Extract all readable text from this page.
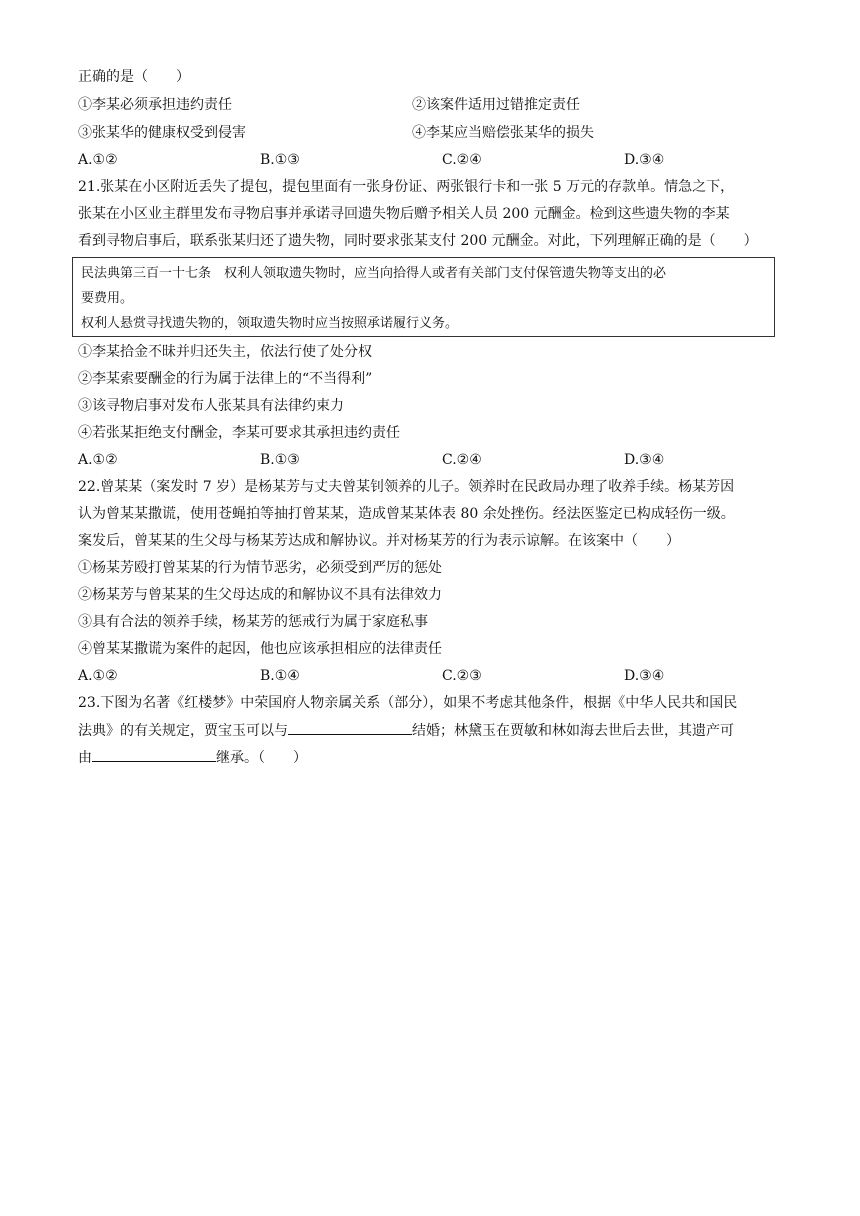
正确的是（　　）
①李某必须承担违约责任	②该案件适用过错推定责任
③张某华的健康权受到侵害	④李某应当赔偿张某华的损失
A.①②	B.①③	C.②④	D.③④
21.张某在小区附近丢失了提包，提包里面有一张身份证、两张银行卡和一张 5 万元的存款单。情急之下，
张某在小区业主群里发布寻物启事并承诺寻回遗失物后赠予相关人员 200 元酬金。检到这些遗失物的李某
看到寻物启事后，联系张某归还了遗失物，同时要求张某支付 200 元酬金。对此，下列理解正确的是（　　）
民法典第三百一十七条　权利人领取遗失物时，应当向拾得人或者有关部门支付保管遗失物等支出的必
要费用。
权利人悬赏寻找遗失物的，领取遗失物时应当按照承诺履行义务。
①李某拾金不昧并归还失主，依法行使了处分权
②李某索要酬金的行为属于法律上的“不当得利”
③该寻物启事对发布人张某具有法律约束力
④若张某拒绝支付酬金，李某可要求其承担违约责任
A.①②	B.①③	C.②④	D.③④
22.曾某某（案发时 7 岁）是杨某芳与丈夫曾某钊领养的儿子。领养时在民政局办理了收养手续。杨某芳因
认为曾某某撒谎，使用苍蝇拍等抽打曾某某，造成曾某某体表 80 余处挫伤。经法医鉴定已构成轻伤一级。
案发后，曾某某的生父母与杨某芳达成和解协议。并对杨某芳的行为表示谅解。在该案中（　　）
①杨某芳殴打曾某某的行为情节恶劣，必须受到严厉的惩处
②杨某芳与曾某某的生父母达成的和解协议不具有法律效力
③具有合法的领养手续，杨某芳的惩戒行为属于家庭私事
④曾某某撒谎为案件的起因，他也应该承担相应的法律责任
A.①②	B.①④	C.②③	D.③④
23.下图为名著《红楼梦》中荣国府人物亲属关系（部分），如果不考虑其他条件，根据《中华人民共和国民
法典》的有关规定，贾宝玉可以与	结婚；林黛玉在贾敏和林如海去世后去世，其遗产可
由	继承。（　　）
